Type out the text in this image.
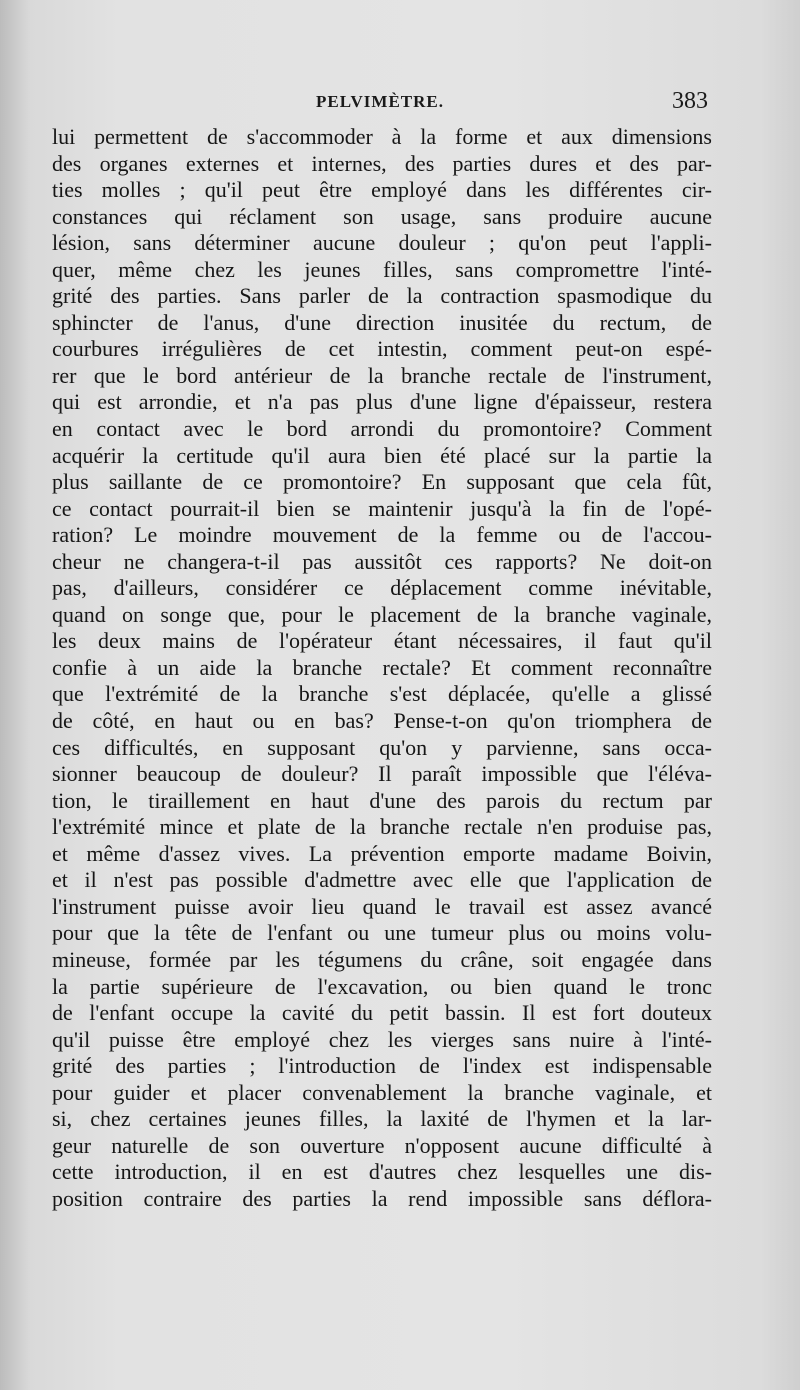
PELVIMÈTRE.	383
lui permettent de s'accommoder à la forme et aux dimensions
des organes externes et internes, des parties dures et des par-
ties molles ; qu'il peut être employé dans les différentes cir-
constances qui réclament son usage, sans produire aucune
lésion, sans déterminer aucune douleur ; qu'on peut l'appli-
quer, même chez les jeunes filles, sans compromettre l'inté-
grité des parties. Sans parler de la contraction spasmodique du
sphincter de l'anus, d'une direction inusitée du rectum, de
courbures irrégulières de cet intestin, comment peut-on espé-
rer que le bord antérieur de la branche rectale de l'instrument,
qui est arrondie, et n'a pas plus d'une ligne d'épaisseur, restera
en contact avec le bord arrondi du promontoire? Comment
acquérir la certitude qu'il aura bien été placé sur la partie la
plus saillante de ce promontoire? En supposant que cela fût,
ce contact pourrait-il bien se maintenir jusqu'à la fin de l'opé-
ration? Le moindre mouvement de la femme ou de l'accou-
cheur ne changera-t-il pas aussitôt ces rapports? Ne doit-on
pas, d'ailleurs, considérer ce déplacement comme inévitable,
quand on songe que, pour le placement de la branche vaginale,
les deux mains de l'opérateur étant nécessaires, il faut qu'il
confie à un aide la branche rectale? Et comment reconnaître
que l'extrémité de la branche s'est déplacée, qu'elle a glissé
de côté, en haut ou en bas? Pense-t-on qu'on triomphera de
ces difficultés, en supposant qu'on y parvienne, sans occa-
sionner beaucoup de douleur? Il paraît impossible que l'éléva-
tion, le tiraillement en haut d'une des parois du rectum par
l'extrémité mince et plate de la branche rectale n'en produise pas,
et même d'assez vives. La prévention emporte madame Boivin,
et il n'est pas possible d'admettre avec elle que l'application de
l'instrument puisse avoir lieu quand le travail est assez avancé
pour que la tête de l'enfant ou une tumeur plus ou moins volu-
mineuse, formée par les tégumens du crâne, soit engagée dans
la partie supérieure de l'excavation, ou bien quand le tronc
de l'enfant occupe la cavité du petit bassin. Il est fort douteux
qu'il puisse être employé chez les vierges sans nuire à l'inté-
grité des parties ; l'introduction de l'index est indispensable
pour guider et placer convenablement la branche vaginale, et
si, chez certaines jeunes filles, la laxité de l'hymen et la lar-
geur naturelle de son ouverture n'opposent aucune difficulté à
cette introduction, il en est d'autres chez lesquelles une dis-
position contraire des parties la rend impossible sans déflora-
